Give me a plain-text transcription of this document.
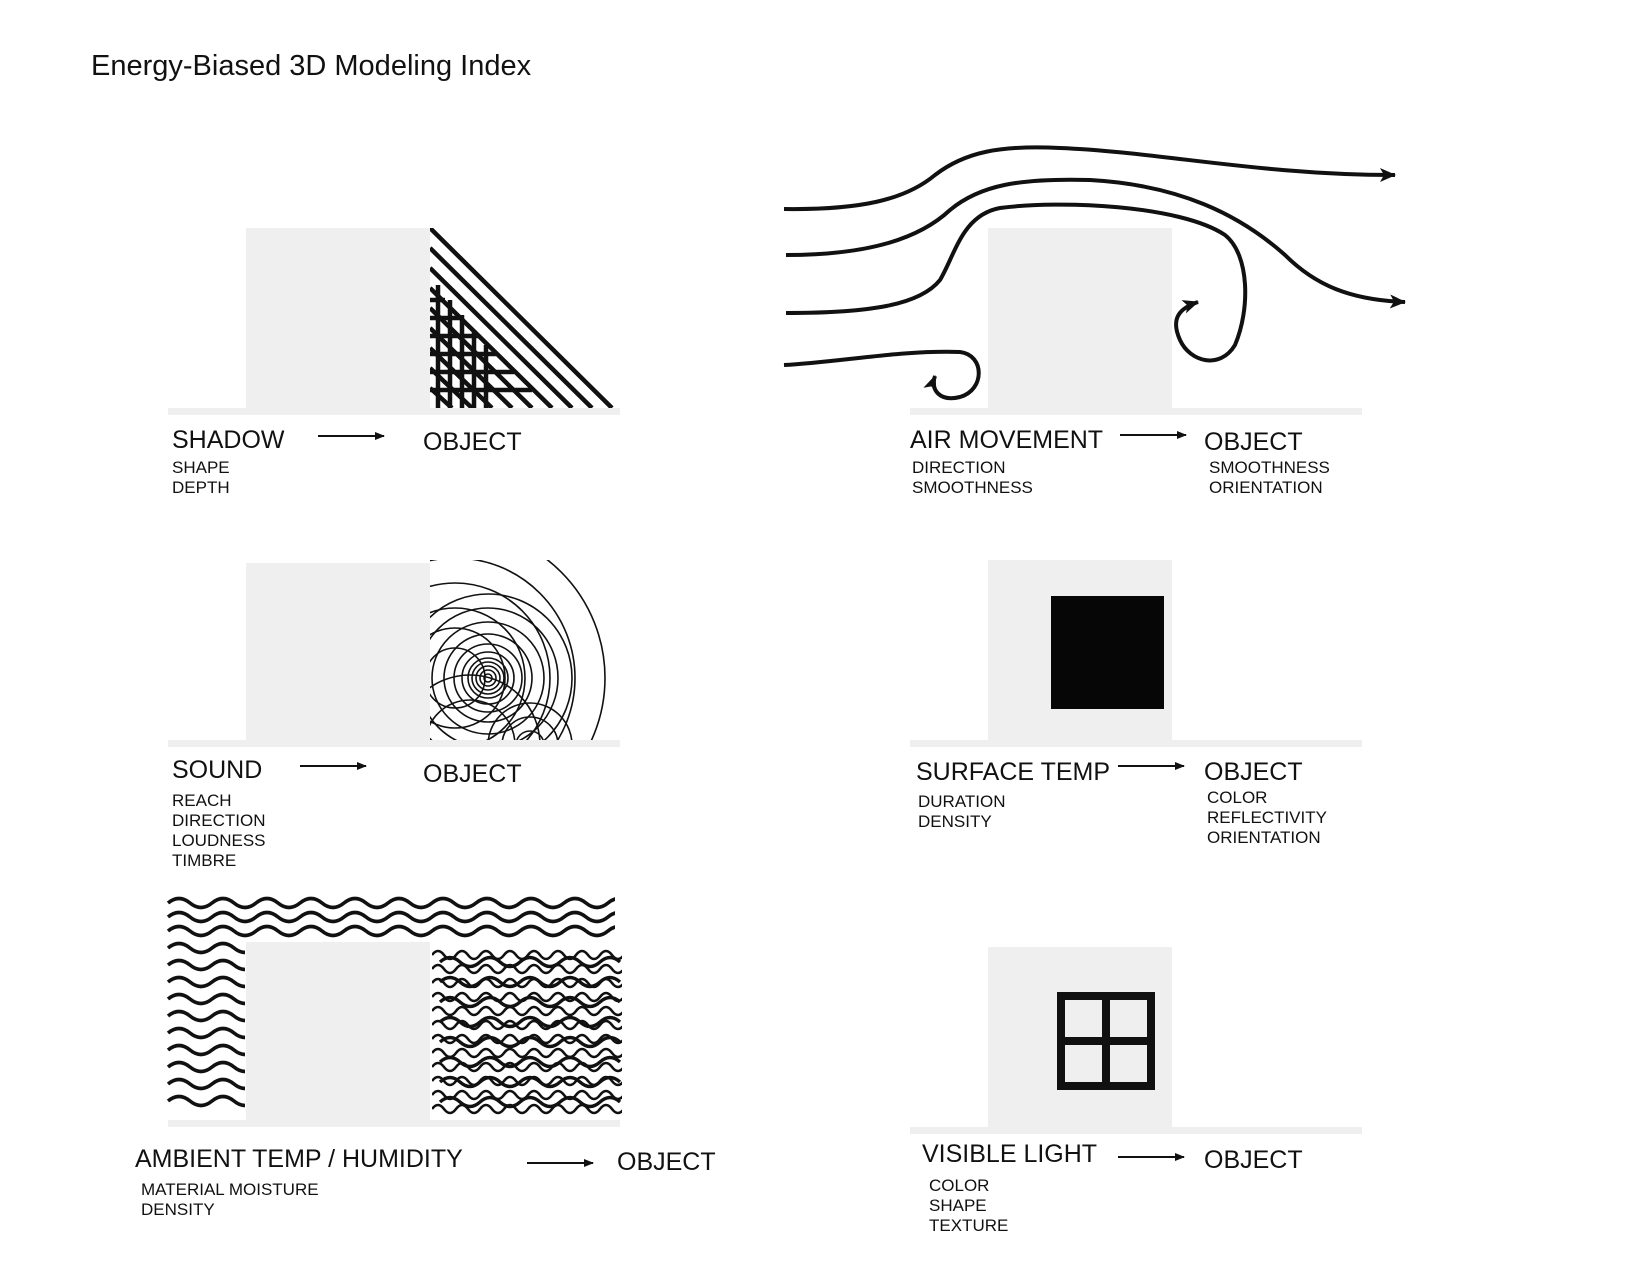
Energy-Biased 3D Modeling Index
SHADOW	OBJECT
SHAPE
DEPTH
AIR MOVEMENT	OBJECT
DIRECTION
SMOOTHNESS
SMOOTHNESS
ORIENTATION
SOUND	OBJECT
REACH
DIRECTION
LOUDNESS
TIMBRE
SURFACE TEMP	OBJECT
DURATION
DENSITY
COLOR
REFLECTIVITY
ORIENTATION
AMBIENT TEMP / HUMIDITY	OBJECT
MATERIAL MOISTURE
DENSITY
VISIBLE LIGHT	OBJECT
COLOR
SHAPE
TEXTURE
